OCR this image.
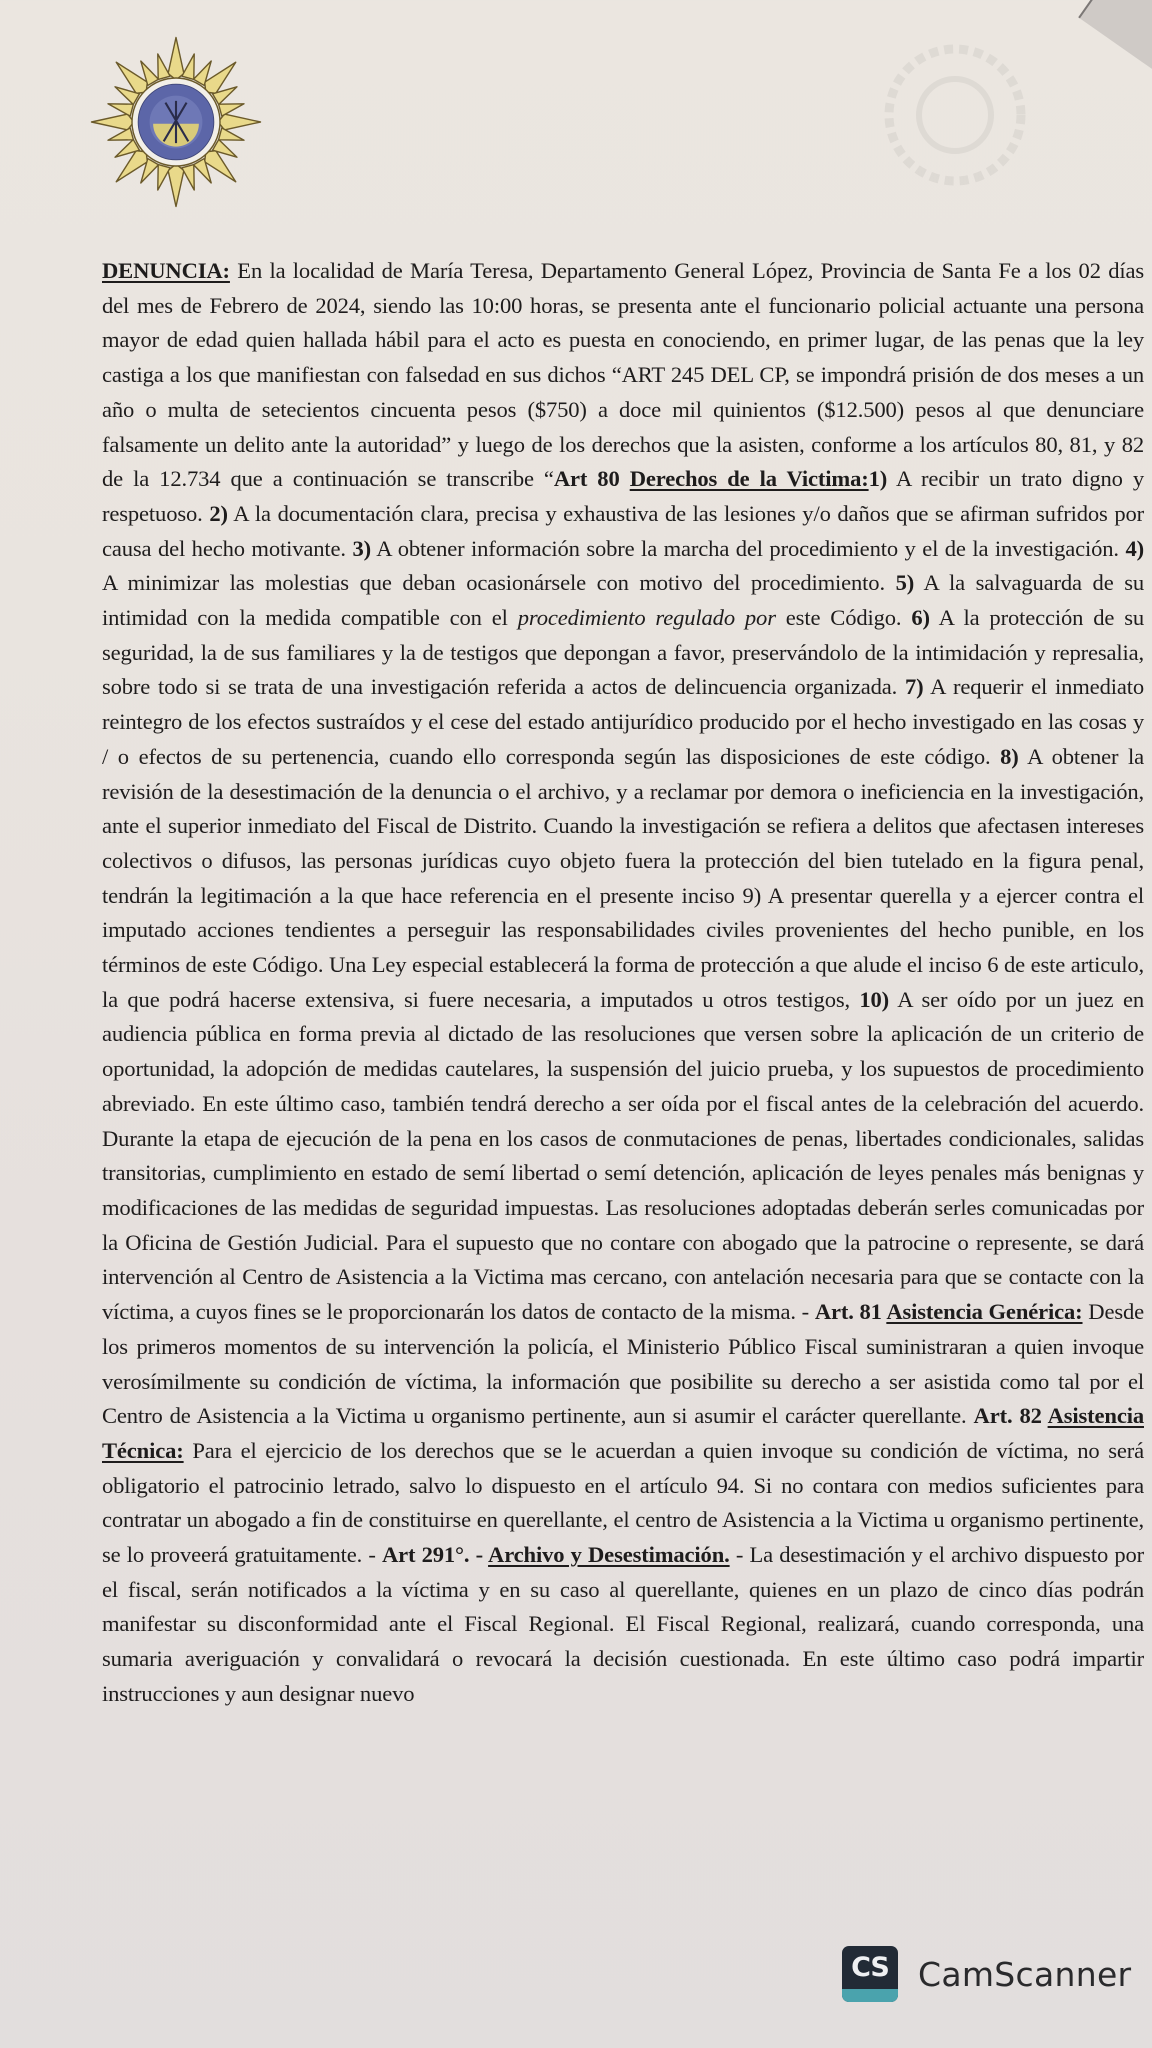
DENUNCIA: En la localidad de María Teresa, Departamento General López, Provincia de Santa Fe a los 02 días del mes de Febrero de 2024, siendo las 10:00 horas, se presenta ante el funcionario policial actuante una persona mayor de edad quien hallada hábil para el acto es puesta en conociendo, en primer lugar, de las penas que la ley castiga a los que manifiestan con falsedad en sus dichos “ART 245 DEL CP, se impondrá prisión de dos meses a un año o multa de setecientos cincuenta pesos ($750) a doce mil quinientos ($12.500) pesos al que denunciare falsamente un delito ante la autoridad” y luego de los derechos que la asisten, conforme a los artículos 80, 81, y 82 de la 12.734 que a continuación se transcribe “Art 80 Derechos de la Victima:1) A recibir un trato digno y respetuoso. 2) A la documentación clara, precisa y exhaustiva de las lesiones y/o daños que se afirman sufridos por causa del hecho motivante. 3) A obtener información sobre la marcha del procedimiento y el de la investigación. 4) A minimizar las molestias que deban ocasionársele con motivo del procedimiento. 5) A la salvaguarda de su intimidad con la medida compatible con el procedimiento regulado por este Código. 6) A la protección de su seguridad, la de sus familiares y la de testigos que depongan a favor, preservándolo de la intimidación y represalia, sobre todo si se trata de una investigación referida a actos de delincuencia organizada. 7) A requerir el inmediato reintegro de los efectos sustraídos y el cese del estado antijurídico producido por el hecho investigado en las cosas y / o efectos de su pertenencia, cuando ello corresponda según las disposiciones de este código. 8) A obtener la revisión de la desestimación de la denuncia o el archivo, y a reclamar por demora o ineficiencia en la investigación, ante el superior inmediato del Fiscal de Distrito. Cuando la investigación se refiera a delitos que afectasen intereses colectivos o difusos, las personas jurídicas cuyo objeto fuera la protección del bien tutelado en la figura penal, tendrán la legitimación a la que hace referencia en el presente inciso 9) A presentar querella y a ejercer contra el imputado acciones tendientes a perseguir las responsabilidades civiles provenientes del hecho punible, en los términos de este Código. Una Ley especial establecerá la forma de protección a que alude el inciso 6 de este articulo, la que podrá hacerse extensiva, si fuere necesaria, a imputados u otros testigos, 10) A ser oído por un juez en audiencia pública en forma previa al dictado de las resoluciones que versen sobre la aplicación de un criterio de oportunidad, la adopción de medidas cautelares, la suspensión del juicio prueba, y los supuestos de procedimiento abreviado. En este último caso, también tendrá derecho a ser oída por el fiscal antes de la celebración del acuerdo. Durante la etapa de ejecución de la pena en los casos de conmutaciones de penas, libertades condicionales, salidas transitorias, cumplimiento en estado de semí libertad o semí detención, aplicación de leyes penales más benignas y modificaciones de las medidas de seguridad impuestas. Las resoluciones adoptadas deberán serles comunicadas por la Oficina de Gestión Judicial. Para el supuesto que no contare con abogado que la patrocine o represente, se dará intervención al Centro de Asistencia a la Victima mas cercano, con antelación necesaria para que se contacte con la víctima, a cuyos fines se le proporcionarán los datos de contacto de la misma. - Art. 81 Asistencia Genérica: Desde los primeros momentos de su intervención la policía, el Ministerio Público Fiscal suministraran a quien invoque verosímilmente su condición de víctima, la información que posibilite su derecho a ser asistida como tal por el Centro de Asistencia a la Victima u organismo pertinente, aun si asumir el carácter querellante. Art. 82 Asistencia Técnica: Para el ejercicio de los derechos que se le acuerdan a quien invoque su condición de víctima, no será obligatorio el patrocinio letrado, salvo lo dispuesto en el artículo 94. Si no contara con medios suficientes para contratar un abogado a fin de constituirse en querellante, el centro de Asistencia a la Victima u organismo pertinente, se lo proveerá gratuitamente. - Art 291°. - Archivo y Desestimación. - La desestimación y el archivo dispuesto por el fiscal, serán notificados a la víctima y en su caso al querellante, quienes en un plazo de cinco días podrán manifestar su disconformidad ante el Fiscal Regional. El Fiscal Regional, realizará, cuando corresponda, una sumaria averiguación y convalidará o revocará la decisión cuestionada. En este último caso podrá impartir instrucciones y aun designar nuevo

CS CamScanner
